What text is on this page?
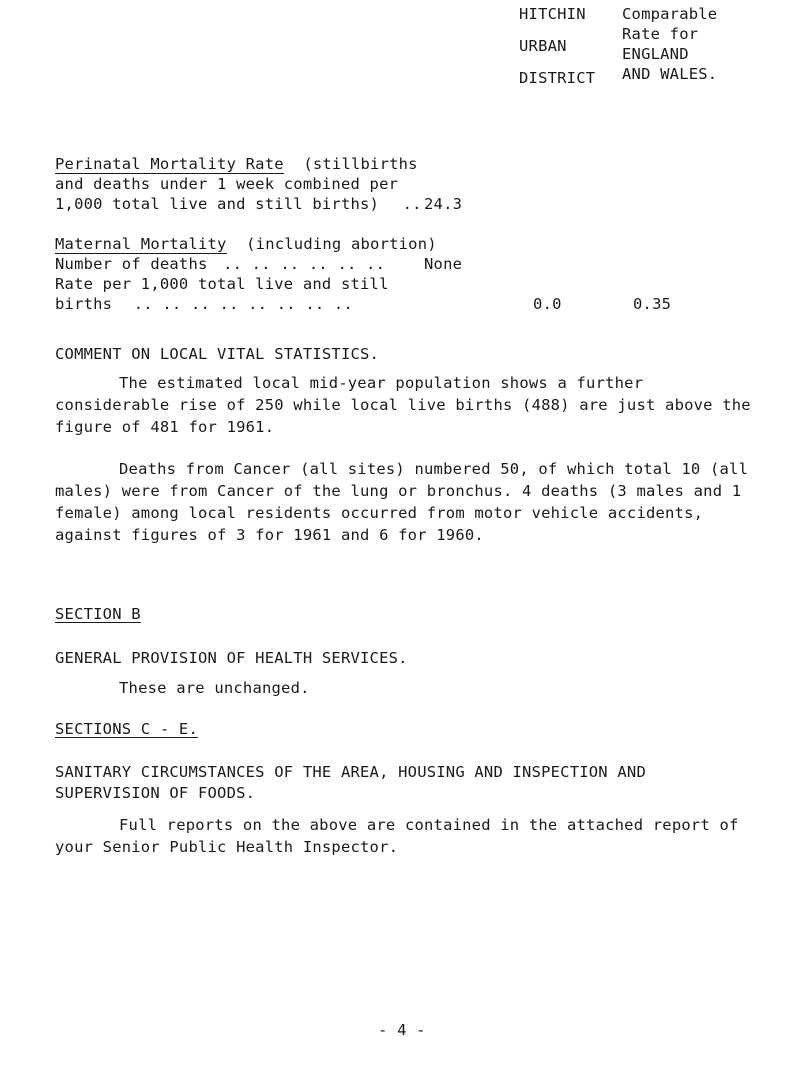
HITCHIN
URBAN
DISTRICT
Comparable
Rate for
ENGLAND
AND WALES.
Perinatal Mortality Rate (stillbirths
and deaths under 1 week combined per
1,000 total live and still births) .. 24.3
Maternal Mortality (including abortion)
Number of deaths .. .. .. .. .. ..
Rate per 1,000 total live and still
births .. .. .. .. .. .. .. ..
None
0.0	0.35
COMMENT ON LOCAL VITAL STATISTICS.

The estimated local mid-year population shows a further considerable rise of 250 while local live births (488) are just above the figure of 481 for 1961.

Deaths from Cancer (all sites) numbered 50, of which total 10 (all males) were from Cancer of the lung or bronchus. 4 deaths (3 males and 1 female) among local residents occurred from motor vehicle accidents, against figures of 3 for 1961 and 6 for 1960.

SECTION B
GENERAL PROVISION OF HEALTH SERVICES.
These are unchanged.
SECTIONS C - E.
SANITARY CIRCUMSTANCES OF THE AREA, HOUSING AND INSPECTION AND
SUPERVISION OF FOODS.

Full reports on the above are contained in the attached report of your Senior Public Health Inspector.

- 4 -
